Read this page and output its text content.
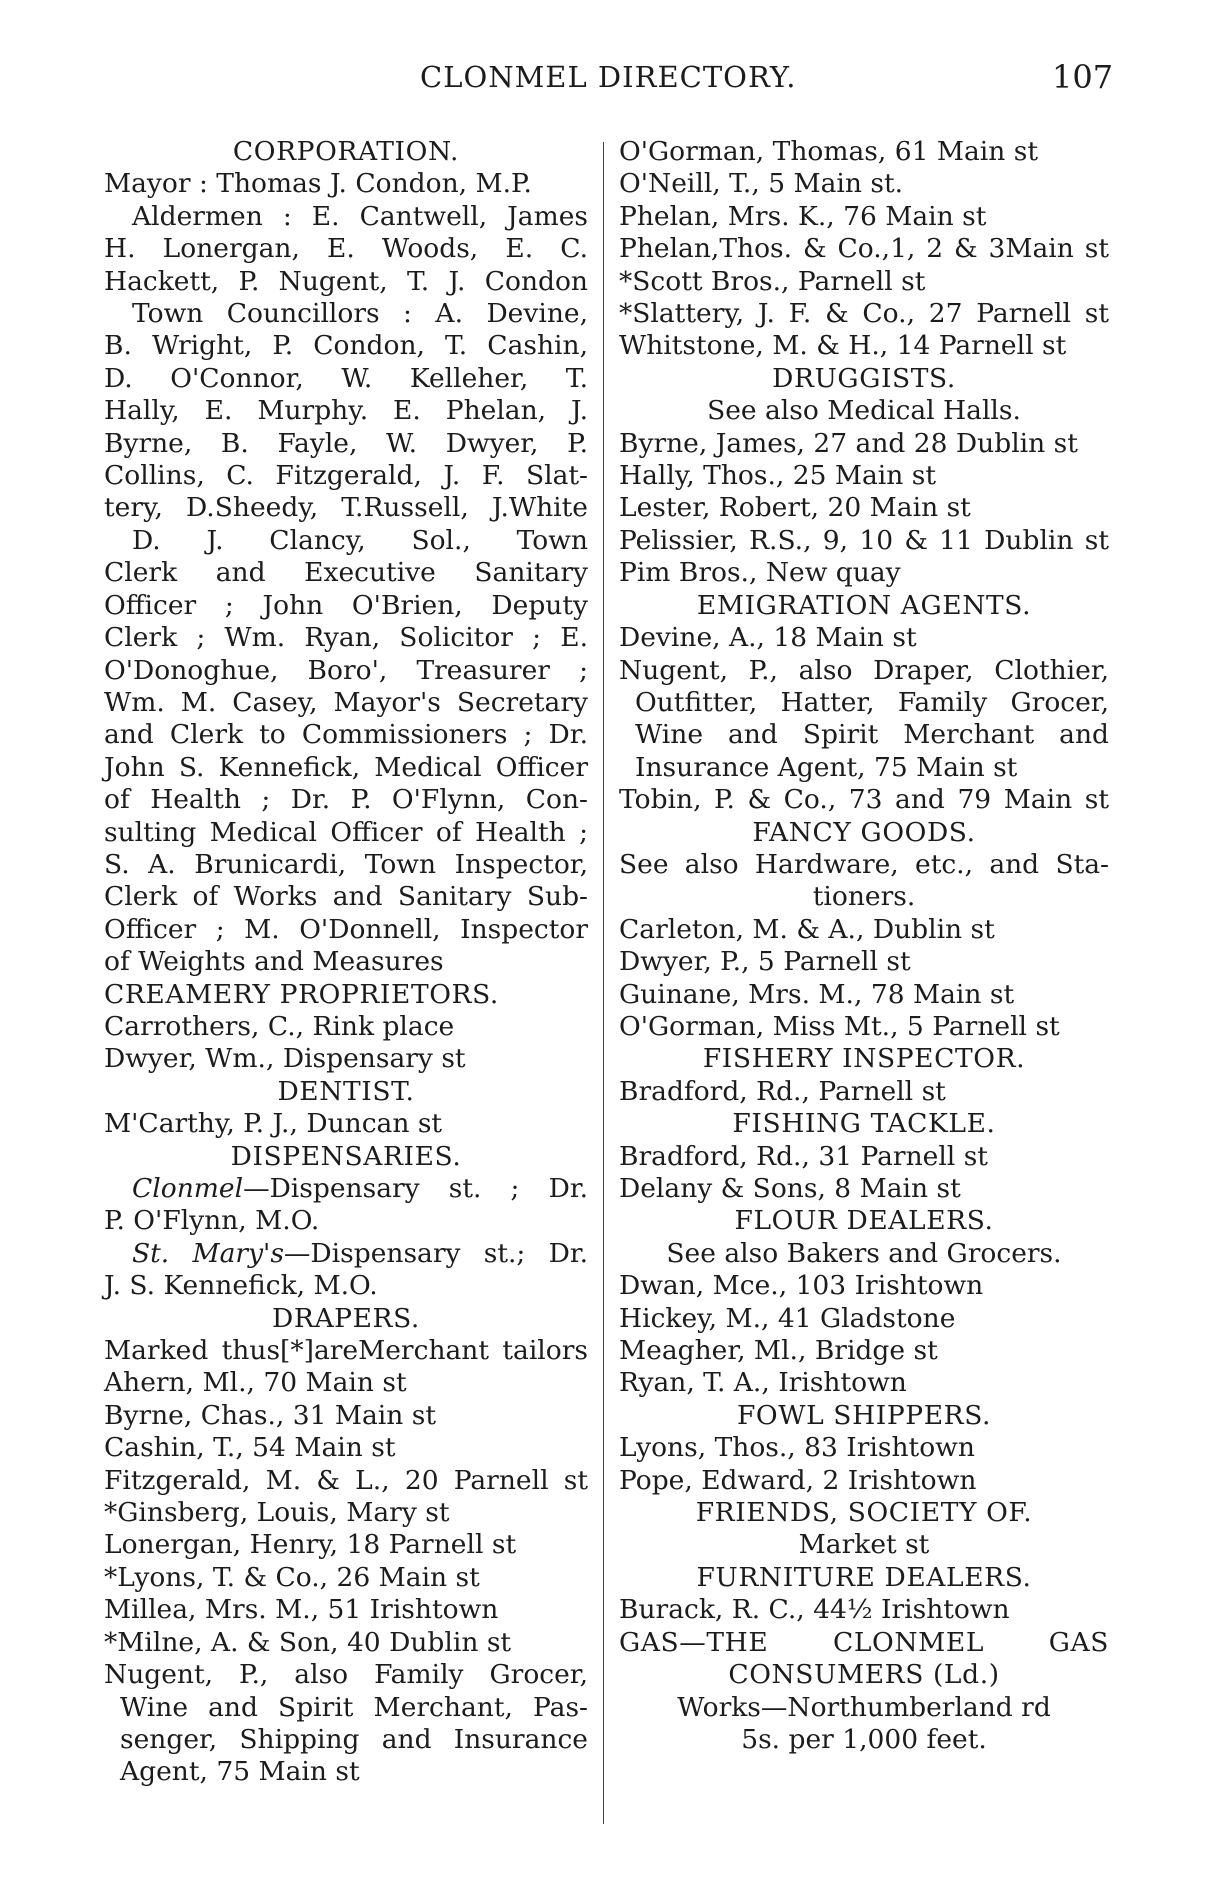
CLONMEL DIRECTORY.	107
CORPORATION.
Mayor : Thomas J. Condon, M.P.
Aldermen : E. Cantwell, James
H. Lonergan, E. Woods, E. C.
Hackett, P. Nugent, T. J. Condon
Town Councillors : A. Devine,
B. Wright, P. Condon, T. Cashin,
D. O'Connor, W. Kelleher, T.
Hally, E. Murphy. E. Phelan, J.
Byrne, B. Fayle, W. Dwyer, P.
Collins, C. Fitzgerald, J. F. Slat-
tery, D.Sheedy, T.Russell, J.White
D. J. Clancy, Sol., Town
Clerk and Executive Sanitary
Officer ; John O'Brien, Deputy
Clerk ; Wm. Ryan, Solicitor ; E.
O'Donoghue, Boro', Treasurer ;
Wm. M. Casey, Mayor's Secretary
and Clerk to Commissioners ; Dr.
John S. Kennefick, Medical Officer
of Health ; Dr. P. O'Flynn, Con-
sulting Medical Officer of Health ;
S. A. Brunicardi, Town Inspector,
Clerk of Works and Sanitary Sub-
Officer ; M. O'Donnell, Inspector
of Weights and Measures
CREAMERY PROPRIETORS.
Carrothers, C., Rink place
Dwyer, Wm., Dispensary st
DENTIST.
M'Carthy, P. J., Duncan st
DISPENSARIES.
Clonmel—Dispensary st. ; Dr.
P. O'Flynn, M.O.
St. Mary's—Dispensary st.; Dr.
J. S. Kennefick, M.O.
DRAPERS.
Marked thus[*]areMerchant tailors
Ahern, Ml., 70 Main st
Byrne, Chas., 31 Main st
Cashin, T., 54 Main st
Fitzgerald, M. & L., 20 Parnell st
*Ginsberg, Louis, Mary st
Lonergan, Henry, 18 Parnell st
*Lyons, T. & Co., 26 Main st
Millea, Mrs. M., 51 Irishtown
*Milne, A. & Son, 40 Dublin st
Nugent, P., also Family Grocer,
Wine and Spirit Merchant, Pas-
senger, Shipping and Insurance
Agent, 75 Main st
O'Gorman, Thomas, 61 Main st
O'Neill, T., 5 Main st.
Phelan, Mrs. K., 76 Main st
Phelan,Thos. & Co.,1, 2 & 3Main st
*Scott Bros., Parnell st
*Slattery, J. F. & Co., 27 Parnell st
Whitstone, M. & H., 14 Parnell st
DRUGGISTS.
See also Medical Halls.
Byrne, James, 27 and 28 Dublin st
Hally, Thos., 25 Main st
Lester, Robert, 20 Main st
Pelissier, R.S., 9, 10 & 11 Dublin st
Pim Bros., New quay
EMIGRATION AGENTS.
Devine, A., 18 Main st
Nugent, P., also Draper, Clothier,
Outfitter, Hatter, Family Grocer,
Wine and Spirit Merchant and
Insurance Agent, 75 Main st
Tobin, P. & Co., 73 and 79 Main st
FANCY GOODS.
See also Hardware, etc., and Sta-
tioners.
Carleton, M. & A., Dublin st
Dwyer, P., 5 Parnell st
Guinane, Mrs. M., 78 Main st
O'Gorman, Miss Mt., 5 Parnell st
FISHERY INSPECTOR.
Bradford, Rd., Parnell st
FISHING TACKLE.
Bradford, Rd., 31 Parnell st
Delany & Sons, 8 Main st
FLOUR DEALERS.
See also Bakers and Grocers.
Dwan, Mce., 103 Irishtown
Hickey, M., 41 Gladstone
Meagher, Ml., Bridge st
Ryan, T. A., Irishtown
FOWL SHIPPERS.
Lyons, Thos., 83 Irishtown
Pope, Edward, 2 Irishtown
FRIENDS, SOCIETY OF.
Market st
FURNITURE DEALERS.
Burack, R. C., 44½ Irishtown
GAS—THE CLONMEL GAS
CONSUMERS (Ld.)
Works—Northumberland rd
5s. per 1,000 feet.
